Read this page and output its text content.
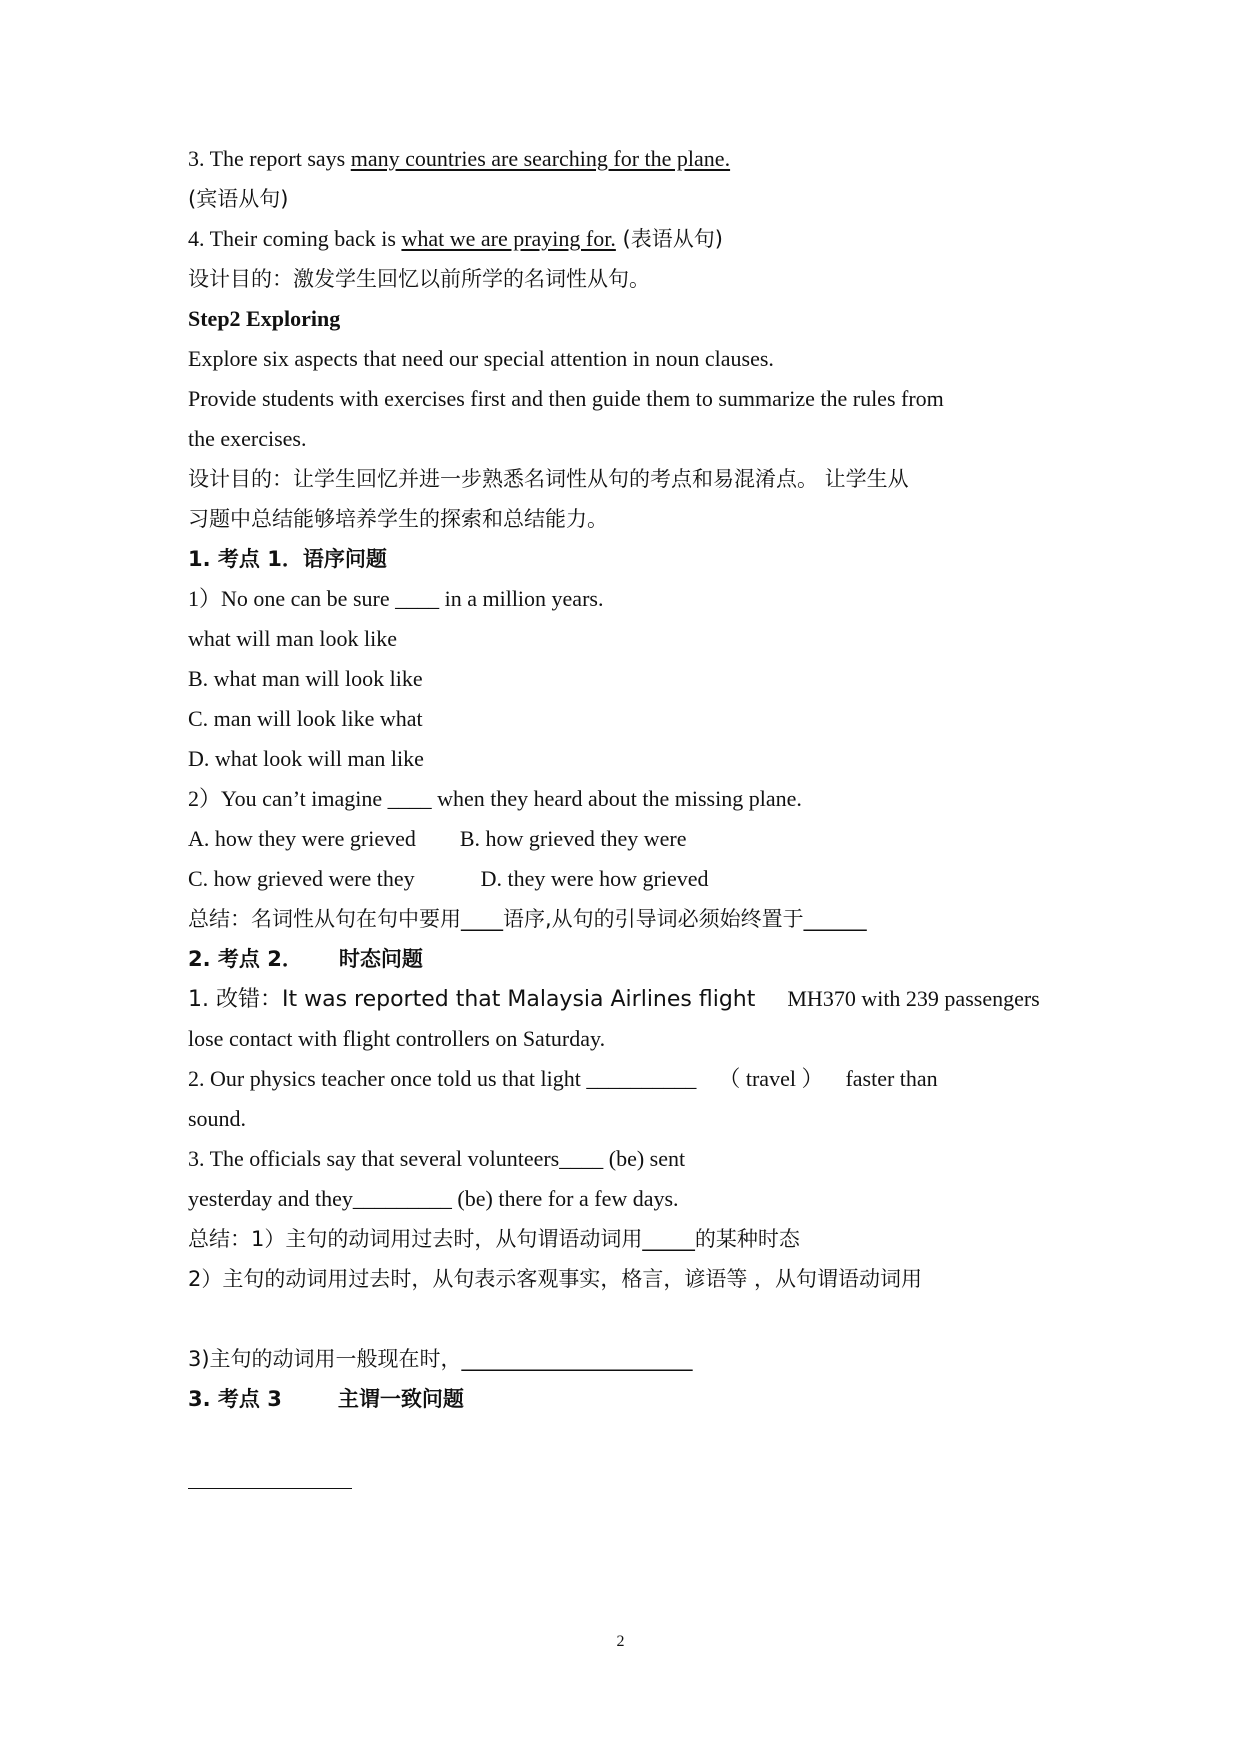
3. The report says many countries are searching for the plane.
(宾语从句)
4. Their coming back is what we are praying for. (表语从句)
设计目的：激发学生回忆以前所学的名词性从句。
Step2 Exploring
Explore six aspects that need our special attention in noun clauses.
Provide students with exercises first and then guide them to summarize the rules from
the exercises.
设计目的：让学生回忆并进一步熟悉名词性从句的考点和易混淆点。 让学生从
习题中总结能够培养学生的探索和总结能力。
1. 考点 1．语序问题
1）No one can be sure ____ in a million years.
what will man look like
B. what man will look like
C. man will look like what
D. what look will man like
2）You can’t imagine ____ when they heard about the missing plane.
A. how they were grieved B. how grieved they were
C. how grieved were they	D. they were how grieved
总结：名词性从句在句中要用____语序,从句的引导词必须始终置于______
2. 考点 2． 时态问题
1. 改错：It was reported that Malaysia Airlines flight MH370 with 239 passengers
lose contact with flight controllers on Saturday.
2. Our physics teacher once told us that light __________ （ travel ） faster than
sound.
3. The officials say that several volunteers____ (be) sent
yesterday and they_________ (be) there for a few days.
总结：1）主句的动词用过去时，从句谓语动词用_____的某种时态
2）主句的动词用过去时，从句表示客观事实，格言，谚语等 ，从句谓语动词用
3)主句的动词用一般现在时，______________________
3. 考点 3	主谓一致问题
2
